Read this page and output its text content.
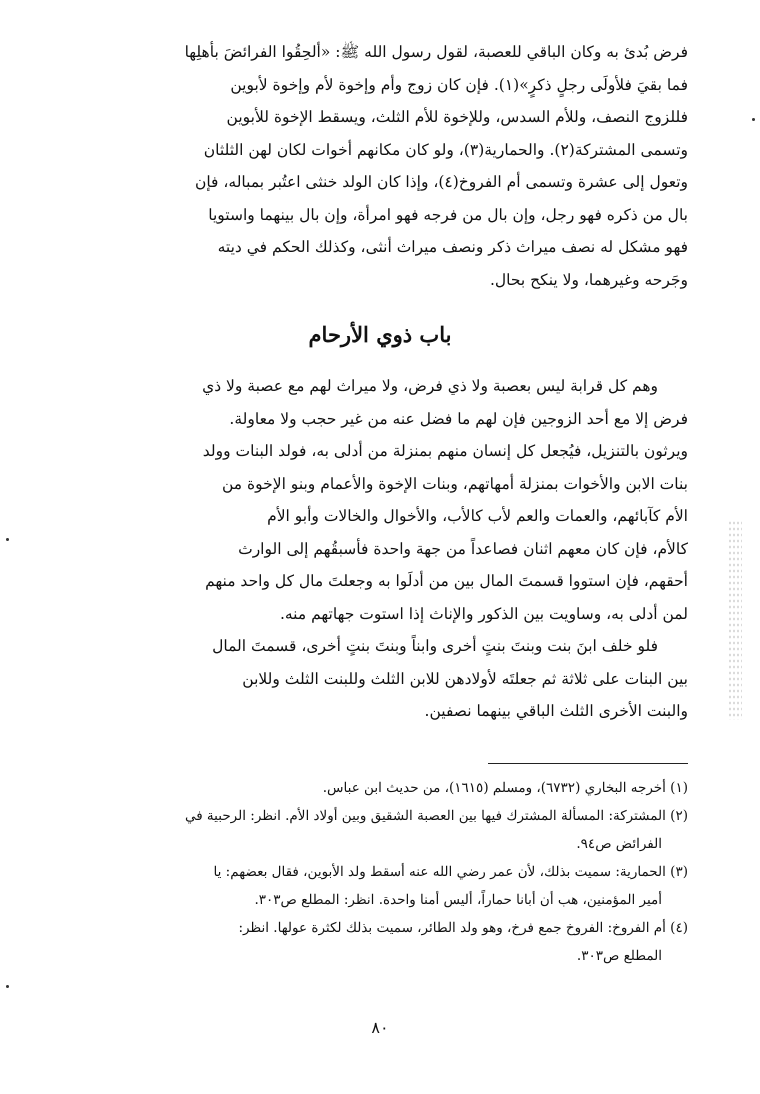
فرض بُدئ به وكان الباقي للعصبة، لقول رسول الله ﷺ: «ألحِقُوا الفرائضَ بأهلِها

فما بقيَ فلأولَى رجلٍ ذكرٍ»(١). فإن كان زوج وأم وإخوة لأم وإخوة لأبوين

فللزوج النصف، وللأم السدس، وللإخوة للأم الثلث، ويسقط الإخوة للأبوين

وتسمى المشتركة(٢). والحمارية(٣)، ولو كان مكانهم أخوات لكان لهن الثلثان

وتعول إلى عشرة وتسمى أم الفروخ(٤)، وإذا كان الولد خنثى اعتُبر بمباله، فإن

بال من ذكره فهو رجل، وإن بال من فرجه فهو امرأة، وإن بال بينهما واستويا

فهو مشكل له نصف ميراث ذكر ونصف ميراث أنثى، وكذلك الحكم في ديته

وجَرحه وغيرهما، ولا ينكح بحال.

باب ذوي الأرحام

وهم كل قرابة ليس بعصبة ولا ذي فرض، ولا ميراث لهم مع عصبة ولا ذي

فرض إلا مع أحد الزوجين فإن لهم ما فضل عنه من غير حجب ولا معاولة.

ويرثون بالتنزيل، فيُجعل كل إنسان منهم بمنزلة من أدلى به، فولد البنات وولد

بنات الابن والأخوات بمنزلة أمهاتهم، وبنات الإخوة والأعمام وبنو الإخوة من

الأم كآبائهم، والعمات والعم لأب كالأب، والأخوال والخالات وأبو الأم

كالأم، فإن كان معهم اثنان فصاعداً من جهة واحدة فأسبقُهم إلى الوارث

أحقهم، فإن استووا قسمتَ المال بين من أدلَوا به وجعلتَ مال كل واحد منهم

لمن أدلى به، وساويت بين الذكور والإناث إذا استوت جهاتهم منه.

فلو خلف ابنَ بنت وبنتَ بنتٍ أخرى وابناً وبنتَ بنتٍ أخرى، قسمتَ المال

بين البنات على ثلاثة ثم جعلتَه لأولادهن للابن الثلث وللبنت الثلث وللابن

والبنت الأخرى الثلث الباقي بينهما نصفين.

(١) أخرجه البخاري (٦٧٣٢)، ومسلم (١٦١٥)، من حديث ابن عباس.

(٢) المشتركة: المسألة المشترك فيها بين العصبة الشقيق وبين أولاد الأم. انظر: الرحبية في

الفرائض ص٩٤.

(٣) الحمارية: سميت بذلك، لأن عمر رضي الله عنه أسقط ولد الأبوين، فقال بعضهم: يا

أمير المؤمنين، هب أن أبانا حماراً، أليس أمنا واحدة. انظر: المطلع ص٣٠٣.

(٤) أم الفروخ: الفروخ جمع فرخ، وهو ولد الطائر، سميت بذلك لكثرة عولها. انظر:

المطلع ص٣٠٣.

٨٠
